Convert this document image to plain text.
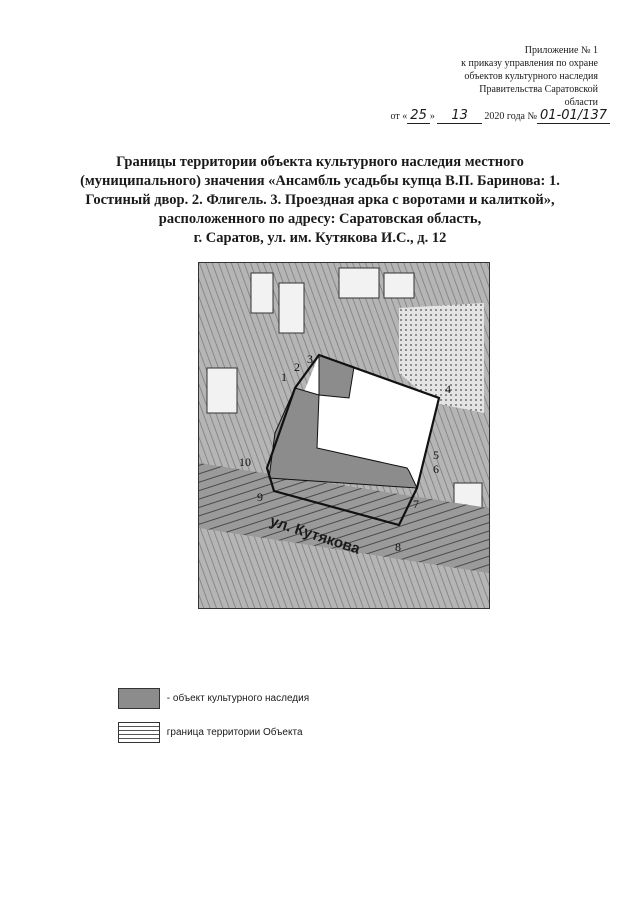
Приложение № 1
к приказу управления по охране
объектов культурного наследия
Правительства Саратовской
области
от « 25 » 13 2020 года № 01-01/137
Границы территории объекта культурного наследия местного
(муниципального) значения «Ансамбль усадьбы купца В.П. Баринова: 1.
Гостиный двор. 2. Флигель. 3. Проездная арка с воротами и калиткой»,
расположенного по адресу: Саратовская область,
г. Саратов, ул. им. Кутякова И.С., д. 12
ул. Кутякова
1
2
3
4
5
6
7
8
9
10
- объект культурного наследия
граница территории Объекта
